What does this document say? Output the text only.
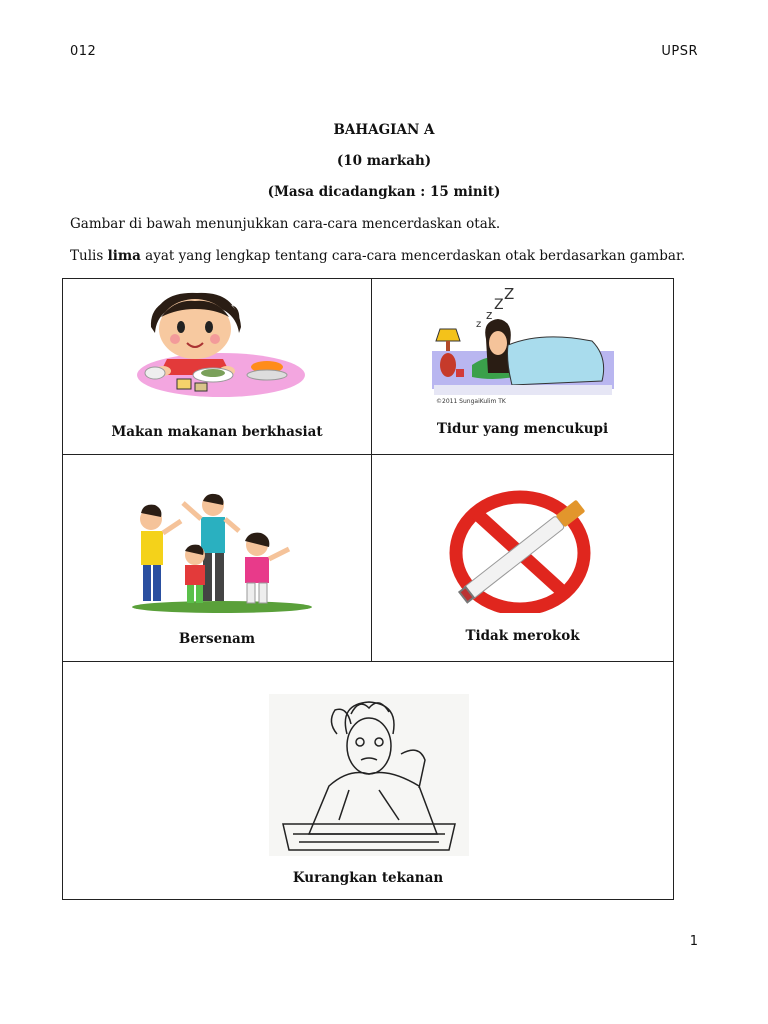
012	UPSR
BAHAGIAN A
(10 markah)
(Masa dicadangkan : 15 minit)
Gambar di bawah menunjukkan cara-cara mencerdaskan otak.
Tulis lima ayat yang lengkap tentang cara-cara mencerdaskan otak berdasarkan gambar.
Makan makanan berkhasiat
z
z
Z
Z
©2011 SungaiKulim TK
Tidur yang mencukupi
Bersenam	Tidak merokok
Kurangkan tekanan
1
